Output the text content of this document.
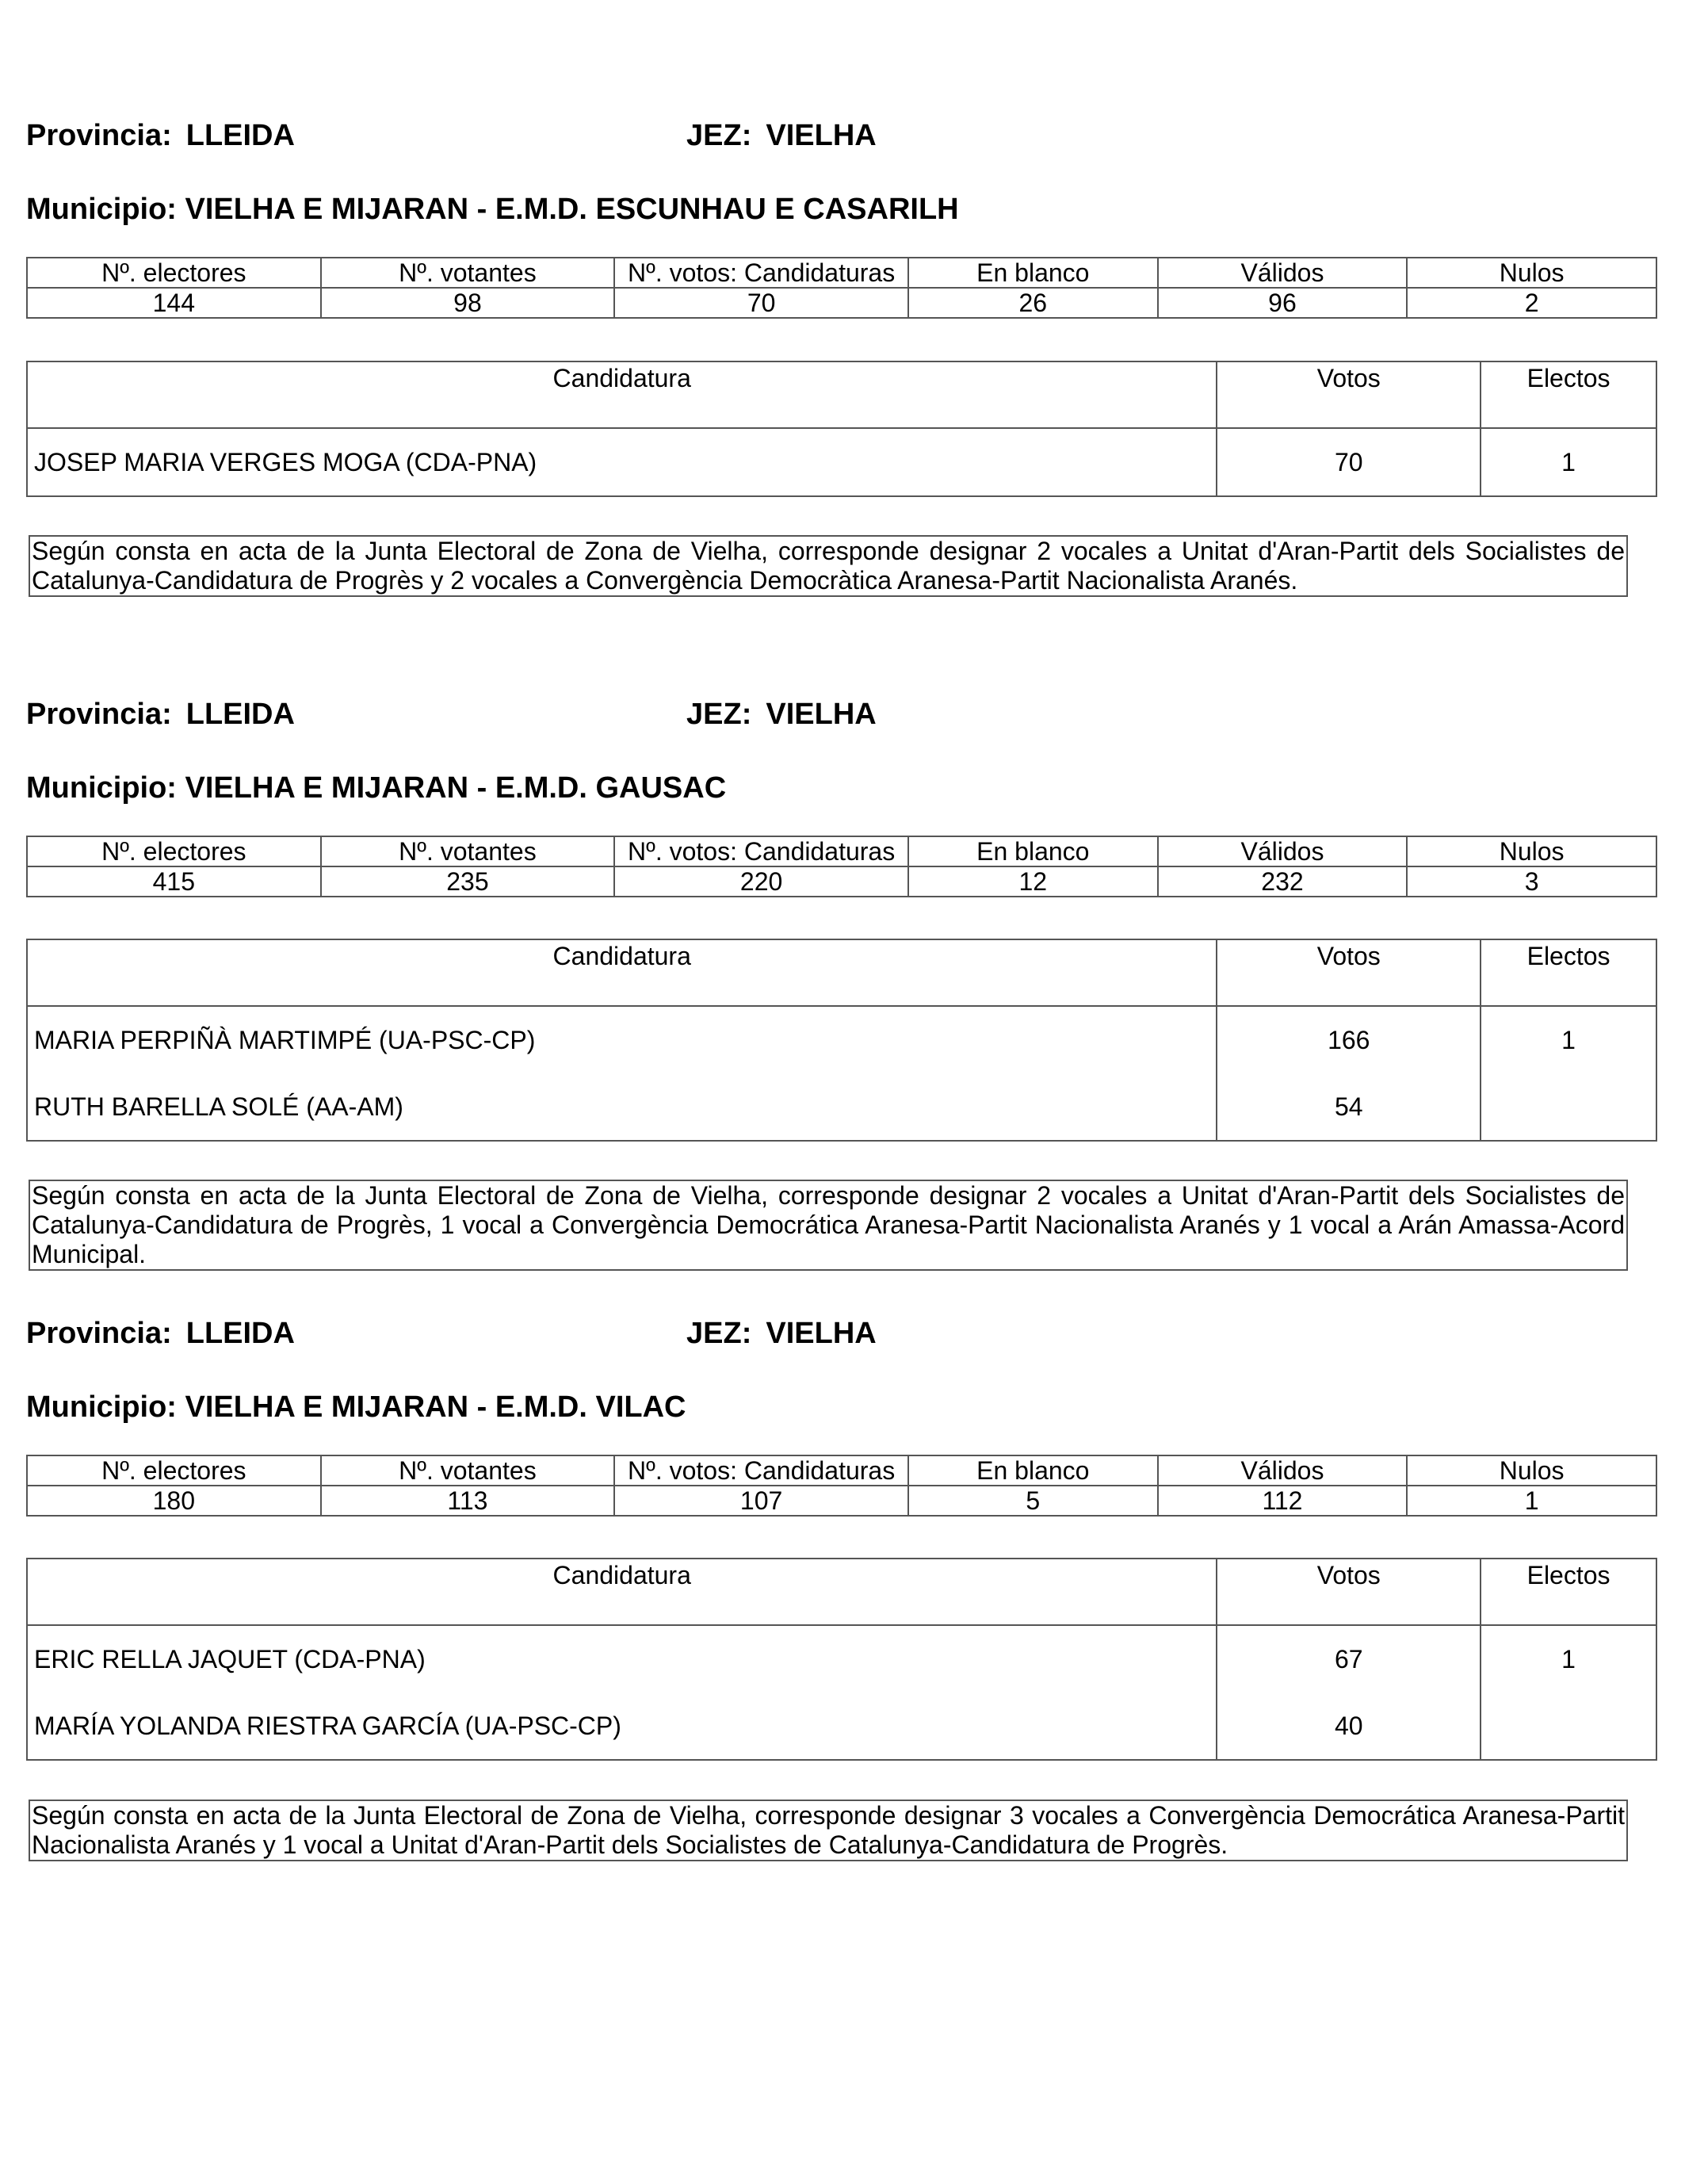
Provincia: LLEIDA	JEZ: VIELHA
Municipio: VIELHA E MIJARAN - E.M.D. ESCUNHAU E CASARILH
Nº. electores	Nº. votantes	Nº. votos: Candidaturas	En blanco	Válidos	Nulos
144	98	70	26	96	2
Candidatura	Votos	Electos
JOSEP MARIA VERGES MOGA (CDA-PNA)	70	1
Según consta en acta de la Junta Electoral de Zona de Vielha, corresponde designar 2 vocales a Unitat d'Aran-Partit dels Socialistes de Catalunya-Candidatura de Progrès y 2 vocales a Convergència Democràtica Aranesa-Partit Nacionalista Aranés.
Provincia: LLEIDA	JEZ: VIELHA
Municipio: VIELHA E MIJARAN - E.M.D. GAUSAC
Nº. electores	Nº. votantes	Nº. votos: Candidaturas	En blanco	Válidos	Nulos
415	235	220	12	232	3
Candidatura	Votos	Electos
MARIA PERPIÑÀ MARTIMPÉ (UA-PSC-CP)	166	1
RUTH BARELLA SOLÉ (AA-AM)	54	
Según consta en acta de la Junta Electoral de Zona de Vielha, corresponde designar 2 vocales a Unitat d'Aran-Partit dels Socialistes de Catalunya-Candidatura de Progrès, 1 vocal a Convergència Democrática Aranesa-Partit Nacionalista Aranés y 1 vocal a Arán Amassa-Acord Municipal.
Provincia: LLEIDA	JEZ: VIELHA
Municipio: VIELHA E MIJARAN - E.M.D. VILAC
Nº. electores	Nº. votantes	Nº. votos: Candidaturas	En blanco	Válidos	Nulos
180	113	107	5	112	1
Candidatura	Votos	Electos
ERIC RELLA JAQUET (CDA-PNA)	67	1
MARÍA YOLANDA RIESTRA GARCÍA (UA-PSC-CP)	40	
Según consta en acta de la Junta Electoral de Zona de Vielha, corresponde designar 3 vocales a Convergència Democrática Aranesa-Partit Nacionalista Aranés y 1 vocal a Unitat d'Aran-Partit dels Socialistes de Catalunya-Candidatura de Progrès.
